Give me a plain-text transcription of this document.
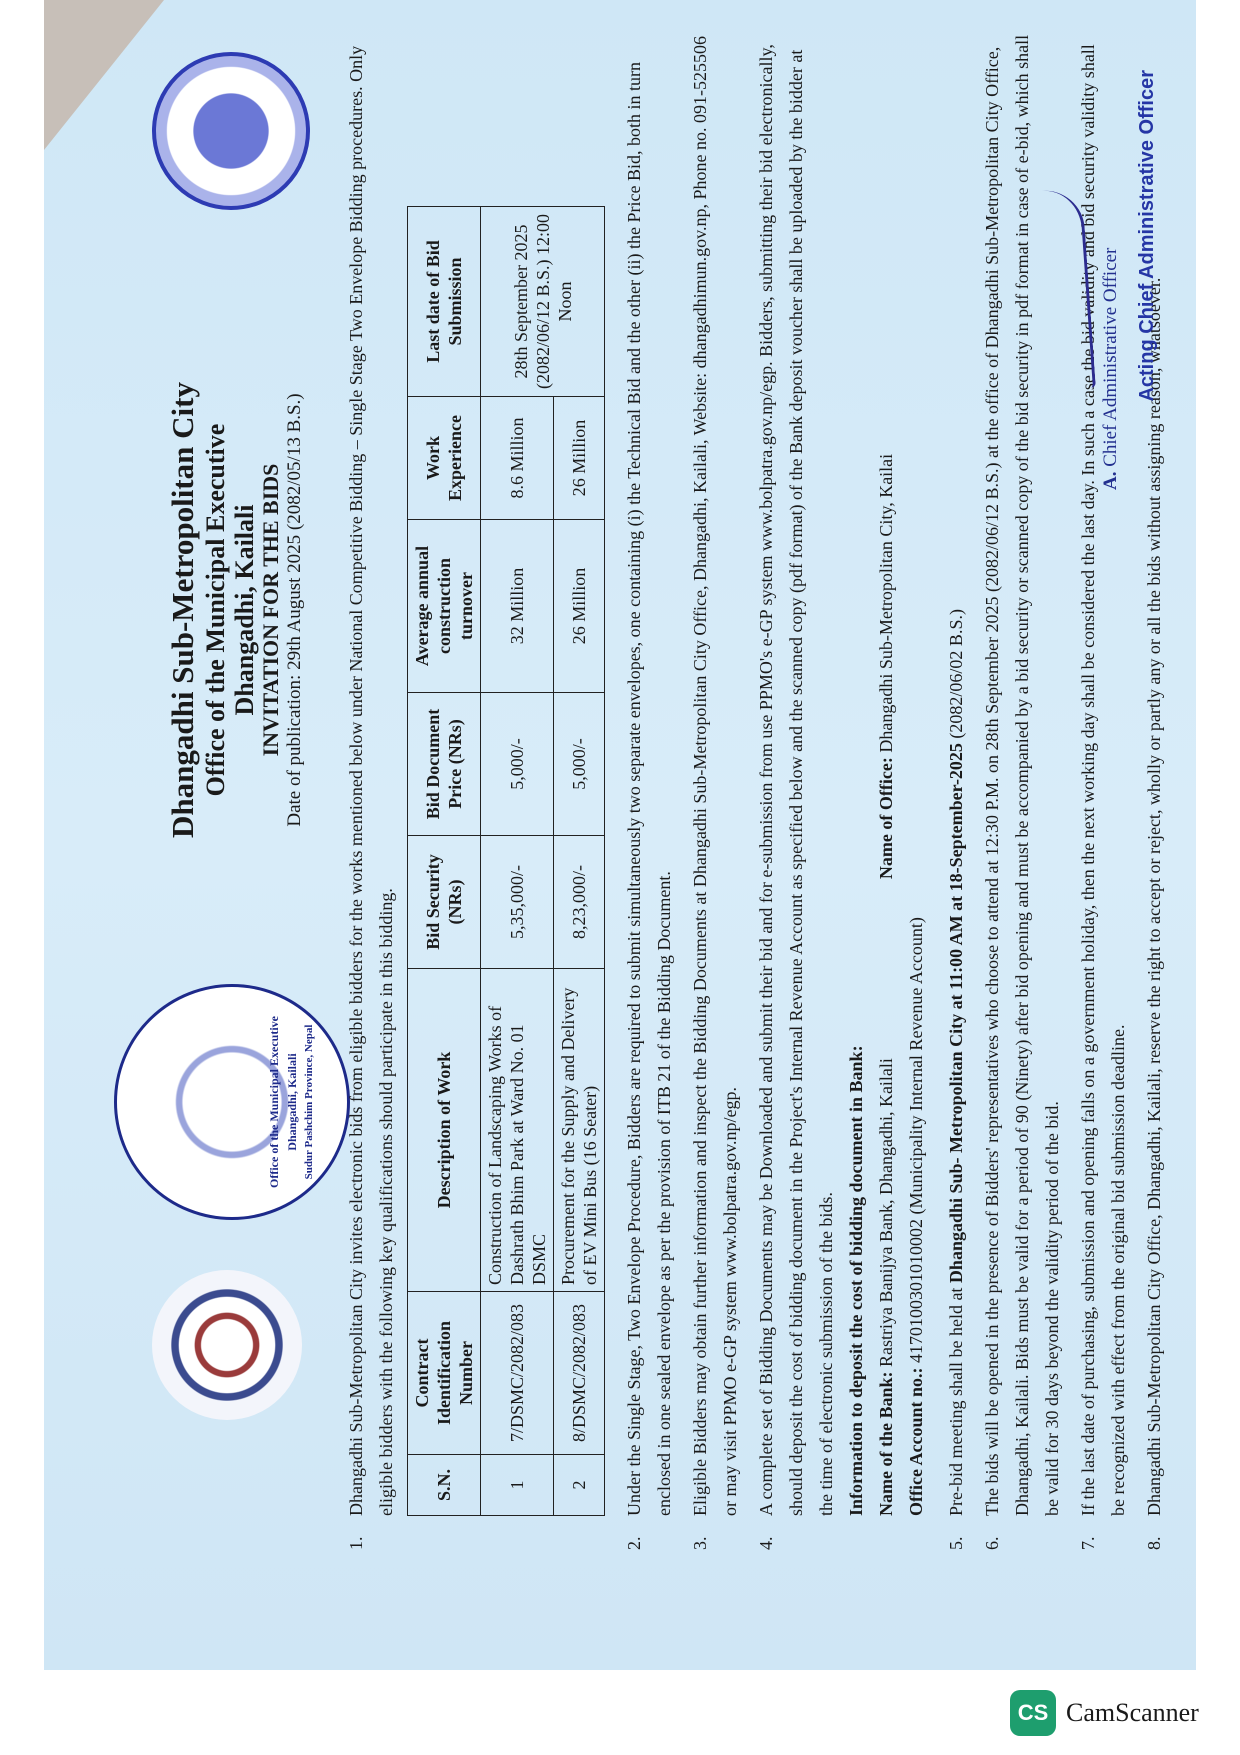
Office of the Municipal Executive Dhangadhi, Kailali Sudur Pashchim Province, Nepal
Dhangadhi Sub-Metropolitan City Office of the Municipal Executive Dhangadhi, Kailali INVITATION FOR THE BIDS Date of publication: 29th August 2025 (2082/05/13 B.S.)
1.
Dhangadhi Sub-Metropolitan City invites electronic bids from eligible bidders for the works mentioned below under National Competitive Bidding – Single Stage Two Envelope Bidding procedures. Only eligible bidders with the following key qualifications should participate in this bidding. S.N.	Contract Identification Number	Description of Work	Bid Security (NRs)	Bid Document Price (NRs)	Average annual construction turnover	Work Experience	Last date of Bid Submission
1	7/DSMC/2082/083	Construction of Landscaping Works of Dashrath Bhim Park at Ward No. 01 DSMC	5,35,000/-	5,000/-	32 Million	8.6 Million	28th September 2025 (2082/06/12 B.S.) 12:00 Noon
2	8/DSMC/2082/083	Procurement for the Supply and Delivery of EV Mini Bus (16 Seater)	8,23,000/-	5,000/-	26 Million	26 Million	
2.
Under the Single Stage, Two Envelope Procedure, Bidders are required to submit simultaneously two separate envelopes, one containing (i) the Technical Bid and the other (ii) the Price Bid, both in turn enclosed in one sealed envelope as per the provision of ITB 21 of the Bidding Document.
3.
Eligible Bidders may obtain further information and inspect the Bidding Documents at Dhangadhi Sub-Metropolitan City Office, Dhangadhi, Kailali, Website: dhangadhimun.gov.np, Phone no. 091-525506 or may visit PPMO e-GP system www.bolpatra.gov.np/egp.
4.
A complete set of Bidding Documents may be Downloaded and submit their bid and for e-submission from use PPMO's e-GP system www.bolpatra.gov.np/egp. Bidders, submitting their bid electronically, should deposit the cost of bidding document in the Project's Internal Revenue Account as specified below and the scanned copy (pdf format) of the Bank deposit voucher shall be uploaded by the bidder at the time of electronic submission of the bids. Information to deposit the cost of bidding document in Bank: Name of the Bank: Rastriya Banijya Bank, Dhangadhi, Kailali  Name of Office: Dhangadhi Sub-Metropolitan City, Kailai
Office Account no.: 4170100301010002 (Municipality Internal Revenue Account)
5.
Pre-bid meeting shall be held at Dhangadhi Sub- Metropolitan City at 11:00 AM at 18-September-2025 (2082/06/02 B.S.)
6.
The bids will be opened in the presence of Bidders' representatives who choose to attend at 12:30 P.M. on 28th September 2025 (2082/06/12 B.S.) at the office of Dhangadhi Sub-Metropolitan City Office, Dhangadhi, Kailali. Bids must be valid for a period of 90 (Ninety) after bid opening and must be accompanied by a bid security or scanned copy of the bid security in pdf format in case of e-bid, which shall be valid for 30 days beyond the validity period of the bid.
7.
If the last date of purchasing, submission and opening falls on a government holiday, then the next working day shall be considered the last day. In such a case the bid validity and bid security validity shall be recognized with effect from the original bid submission deadline.
8.
Dhangadhi Sub-Metropolitan City Office, Dhangadhi, Kailali, reserve the right to accept or reject, wholly or partly any or all the bids without assigning reason, whatsoever.
A. Chief Administrative Officer Acting Chief Administrative Officer
CS CamScanner
